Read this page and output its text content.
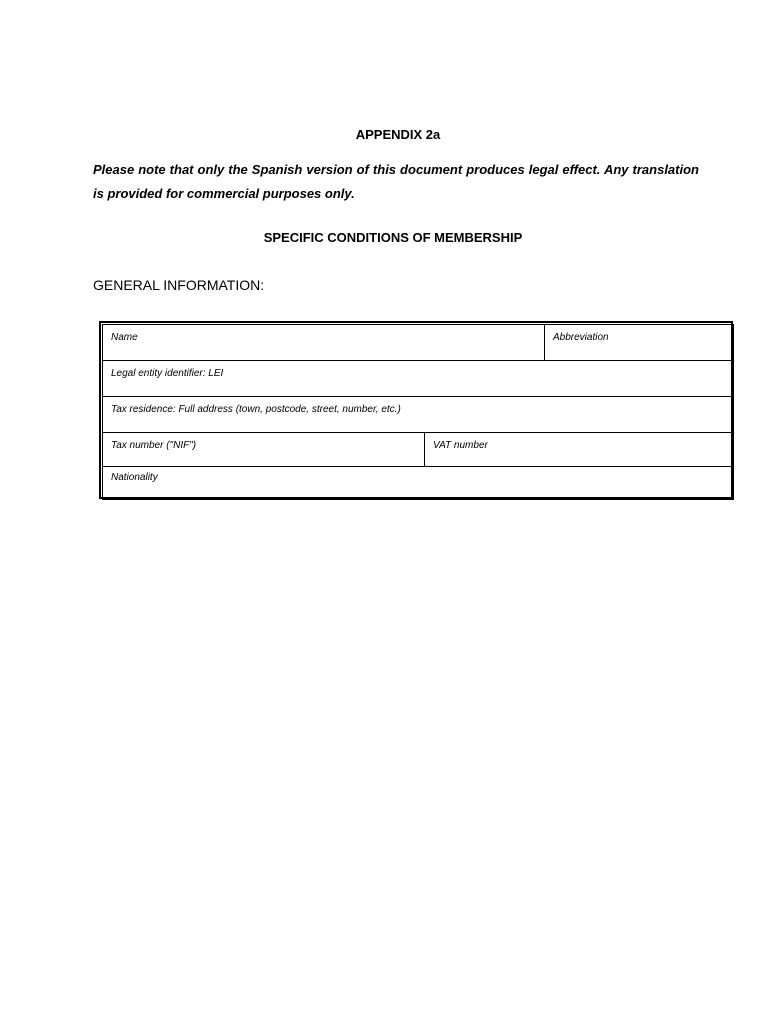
APPENDIX 2a
Please note that only the Spanish version of this document produces legal effect. Any translation is provided for commercial purposes only.
SPECIFIC CONDITIONS OF MEMBERSHIP
GENERAL INFORMATION:
Name	Abbreviation
Legal entity identifier: LEI
Tax residence: Full address (town, postcode, street, number, etc.)
Tax number ("NIF")	VAT number
Nationality
